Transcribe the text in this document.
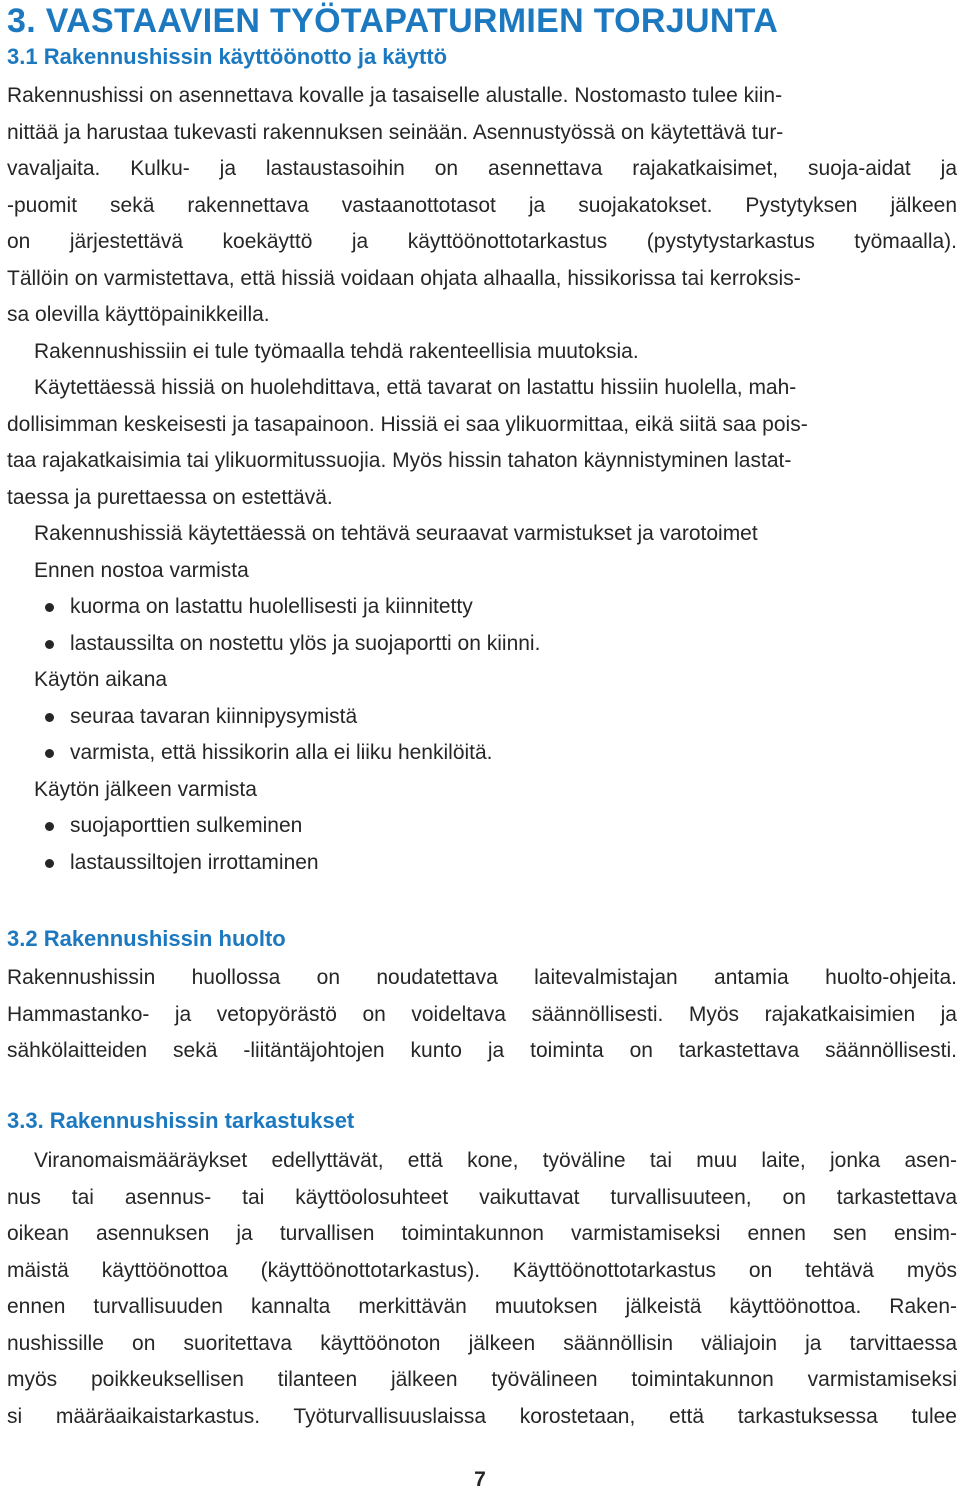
3. VASTAAVIEN TYÖTAPATURMIEN TORJUNTA
3.1 Rakennushissin käyttöönotto ja käyttö
Rakennushissi on asennettava kovalle ja tasaiselle alustalle. Nostomasto tulee kiin-
nittää ja harustaa tukevasti rakennuksen seinään. Asennustyössä on käytettävä tur-
vavaljaita. Kulku- ja lastaustasoihin on asennettava rajakatkaisimet, suoja-aidat ja
-puomit sekä rakennettava vastaanottotasot ja suojakatokset. Pystytyksen jälkeen
on järjestettävä koekäyttö ja käyttöönottotarkastus (pystytystarkastus työmaalla).
Tällöin on varmistettava, että hissiä voidaan ohjata alhaalla, hissikorissa tai kerroksis-
sa olevilla käyttöpainikkeilla.
Rakennushissiin ei tule työmaalla tehdä rakenteellisia muutoksia.
Käytettäessä hissiä on huolehdittava, että tavarat on lastattu hissiin huolella, mah-
dollisimman keskeisesti ja tasapainoon. Hissiä ei saa ylikuormittaa, eikä siitä saa pois-
taa rajakatkaisimia tai ylikuormitussuojia. Myös hissin tahaton käynnistyminen lastat-
taessa ja purettaessa on estettävä.
Rakennushissiä käytettäessä on tehtävä seuraavat varmistukset ja varotoimet
Ennen nostoa varmista
kuorma on lastattu huolellisesti ja kiinnitetty
lastaussilta on nostettu ylös ja suojaportti on kiinni.
Käytön aikana
seuraa tavaran kiinnipysymistä
varmista, että hissikorin alla ei liiku henkilöitä.
Käytön jälkeen varmista
suojaporttien sulkeminen
lastaussiltojen irrottaminen
3.2 Rakennushissin huolto
Rakennushissin huollossa on noudatettava laitevalmistajan antamia huolto-ohjeita.
Hammastanko- ja vetopyörästö on voideltava säännöllisesti. Myös rajakatkaisimien ja
sähkölaitteiden sekä -liitäntäjohtojen kunto ja toiminta on tarkastettava säännöllisesti.
3.3. Rakennushissin tarkastukset
Viranomaismääräykset edellyttävät, että kone, työväline tai muu laite, jonka asen-
nus tai asennus- tai käyttöolosuhteet vaikuttavat turvallisuuteen, on tarkastettava
oikean asennuksen ja turvallisen toimintakunnon varmistamiseksi ennen sen ensim-
mäistä käyttöönottoa (käyttöönottotarkastus). Käyttöönottotarkastus on tehtävä myös
ennen turvallisuuden kannalta merkittävän muutoksen jälkeistä käyttöönottoa. Raken-
nushissille on suoritettava käyttöönoton jälkeen säännöllisin väliajoin ja tarvittaessa
myös poikkeuksellisen tilanteen jälkeen työvälineen toimintakunnon varmistamiseksi
si määräaikaistarkastus. Työturvallisuuslaissa korostetaan, että tarkastuksessa tulee
7
